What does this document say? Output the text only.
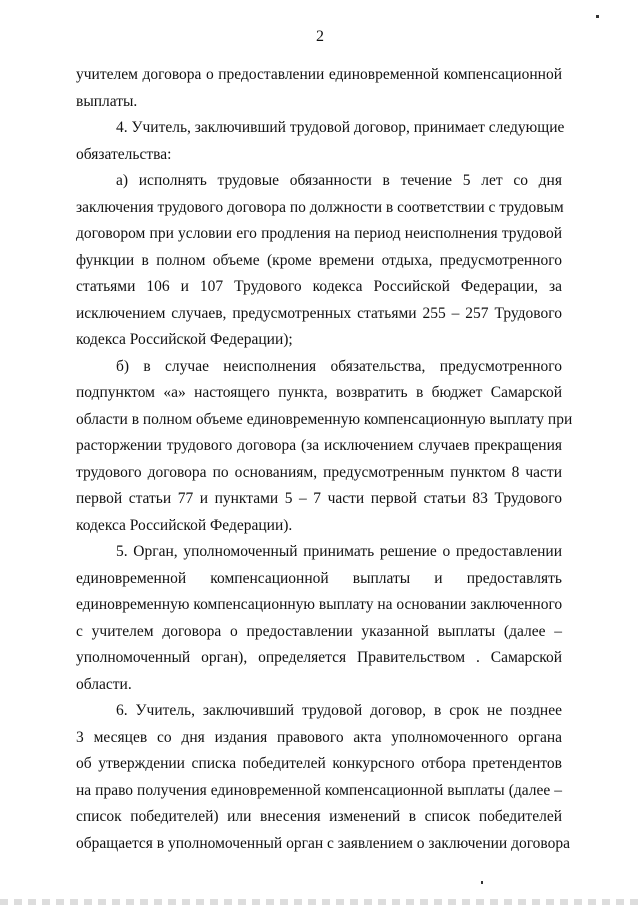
2
учителем договора о предоставлении единовременной компенсационной
выплаты.
4. Учитель, заключивший трудовой договор, принимает следующие
обязательства:
а) исполнять трудовые обязанности в течение 5 лет со дня
заключения трудового договора по должности в соответствии с трудовым
договором при условии его продления на период неисполнения трудовой
функции в полном объеме (кроме времени отдыха, предусмотренного
статьями 106 и 107 Трудового кодекса Российской Федерации, за
исключением случаев, предусмотренных статьями 255 – 257 Трудового
кодекса Российской Федерации);
б) в случае неисполнения обязательства, предусмотренного
подпунктом «а» настоящего пункта, возвратить в бюджет Самарской
области в полном объеме единовременную компенсационную выплату при
расторжении трудового договора (за исключением случаев прекращения
трудового договора по основаниям, предусмотренным пунктом 8 части
первой статьи 77 и пунктами 5 – 7 части первой статьи 83 Трудового
кодекса Российской Федерации).
5. Орган, уполномоченный принимать решение о предоставлении
единовременной компенсационной выплаты и предоставлять
единовременную компенсационную выплату на основании заключенного
с учителем договора о предоставлении указанной выплаты (далее –
уполномоченный орган), определяется Правительством . Самарской
области.
6. Учитель, заключивший трудовой договор, в срок не позднее
3 месяцев со дня издания правового акта уполномоченного органа
об утверждении списка победителей конкурсного отбора претендентов
на право получения единовременной компенсационной выплаты (далее –
список победителей) или внесения изменений в список победителей
обращается в уполномоченный орган с заявлением о заключении договора
